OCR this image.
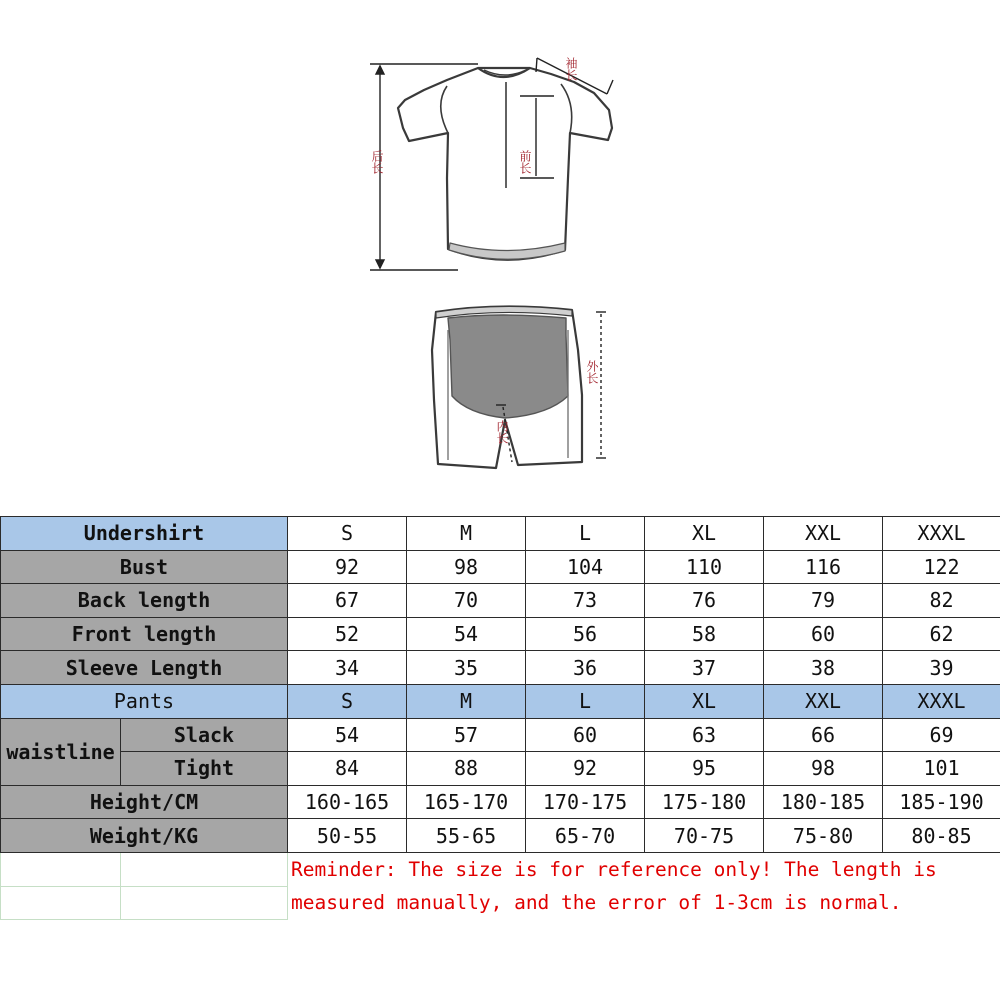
袖长
后长	前长
外长
内长
Undershirt		S	M	L	XL	XXL	XXXL
Bust		92	98	104	110	116	122
Back length		67	70	73	76	79	82
Front length		52	54	56	58	60	62
Sleeve Length		34	35	36	37	38	39
Pants		S	M	L	XL	XXL	XXXL
waistline	Slack	54	57	60	63	66	69
	Tight	84	88	92	95	98	101
Height/CM		160-165	165-170	170-175	175-180	180-185	185-190
Weight/KG		50-55	55-65	65-70	70-75	75-80	80-85
		Reminder: The size is for reference only! The length is					
		measured manually, and the error of 1-3cm is normal.					
